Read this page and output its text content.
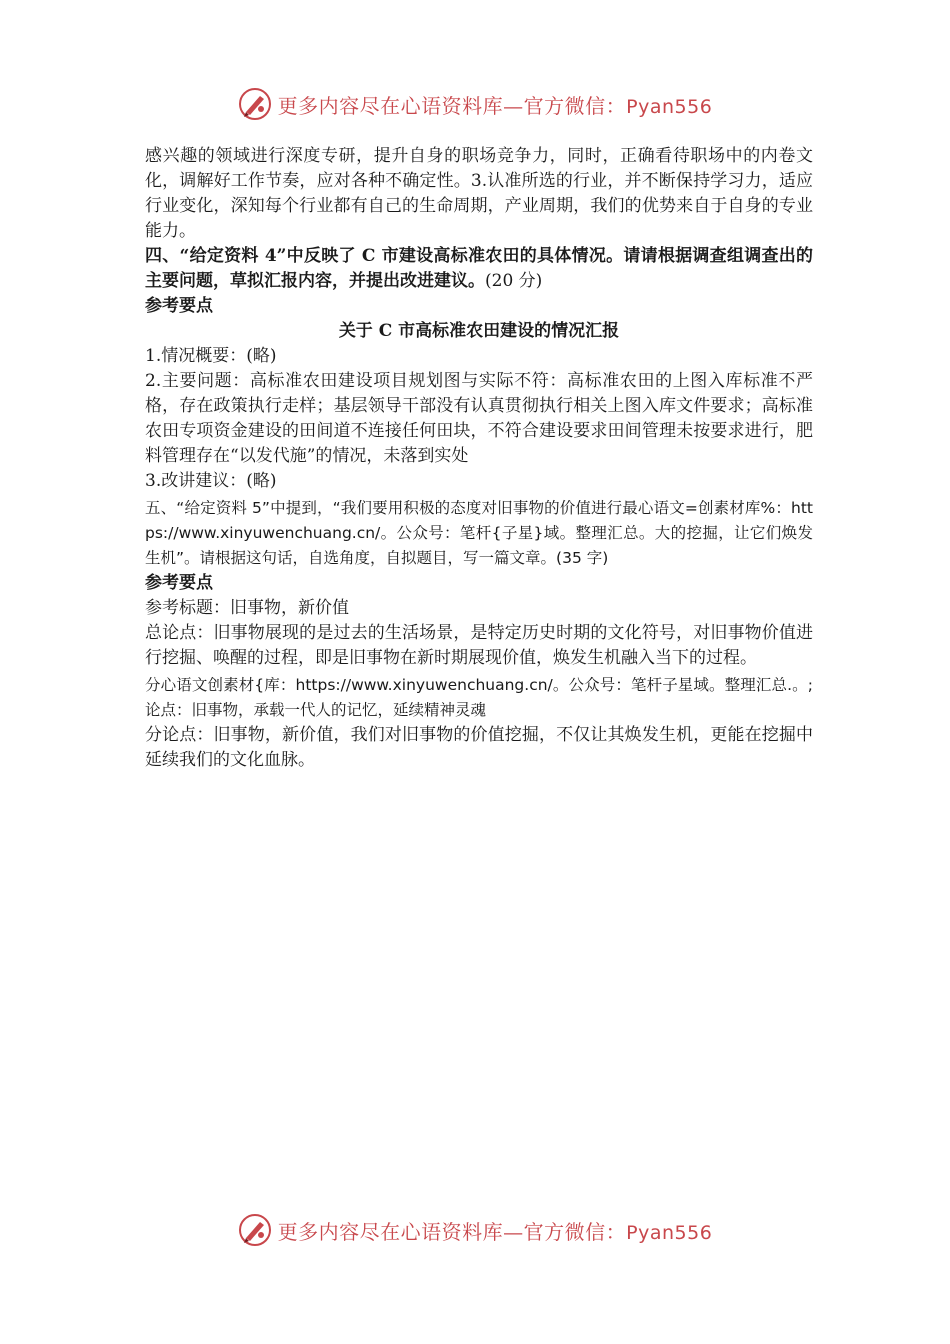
更多内容尽在心语资料库—官方微信：Pyan556

感兴趣的领域进行深度专研，提升自身的职场竞争力，同时，正确看待职场中的内卷文化，调解好工作节奏，应对各种不确定性。3.认准所选的行业，并不断保持学习力，适应行业变化，深知每个行业都有自己的生命周期，产业周期，我们的优势来自于自身的专业能力。

四、“给定资料 4”中反映了 C 市建设高标准农田的具体情况。请请根据调查组调查出的主要问题，草拟汇报内容，并提出改进建议。(20 分)

参考要点

关于 C 市高标准农田建设的情况汇报

1.情况概要：(略)

2.主要问题：高标准农田建设项目规划图与实际不符：高标准农田的上图入库标准不严格，存在政策执行走样；基层领导干部没有认真贯彻执行相关上图入库文件要求；高标准农田专项资金建设的田间道不连接任何田块，不符合建设要求田间管理未按要求进行，肥料管理存在“以发代施”的情况，未落到实处

3.改讲建议：(略)

五、“给定资料 5”中提到，“我们要用积极的态度对旧事物的价值进行最心语文=创素材库%：https://www.xinyuwenchuang.cn/。公众号：笔杆{子星}域。整理汇总。大的挖掘，让它们焕发生机”。请根据这句话，自选角度，自拟题目，写一篇文章。(35 字)

参考要点

参考标题：旧事物，新价值

总论点：旧事物展现的是过去的生活场景，是特定历史时期的文化符号，对旧事物价值进行挖掘、唤醒的过程，即是旧事物在新时期展现价值，焕发生机融入当下的过程。

分心语文创素材{库：https://www.xinyuwenchuang.cn/。公众号：笔杆子星域。整理汇总.。;论点：旧事物，承载一代人的记忆，延续精神灵魂

分论点：旧事物，新价值，我们对旧事物的价值挖掘，不仅让其焕发生机，更能在挖掘中延续我们的文化血脉。

更多内容尽在心语资料库—官方微信：Pyan556
